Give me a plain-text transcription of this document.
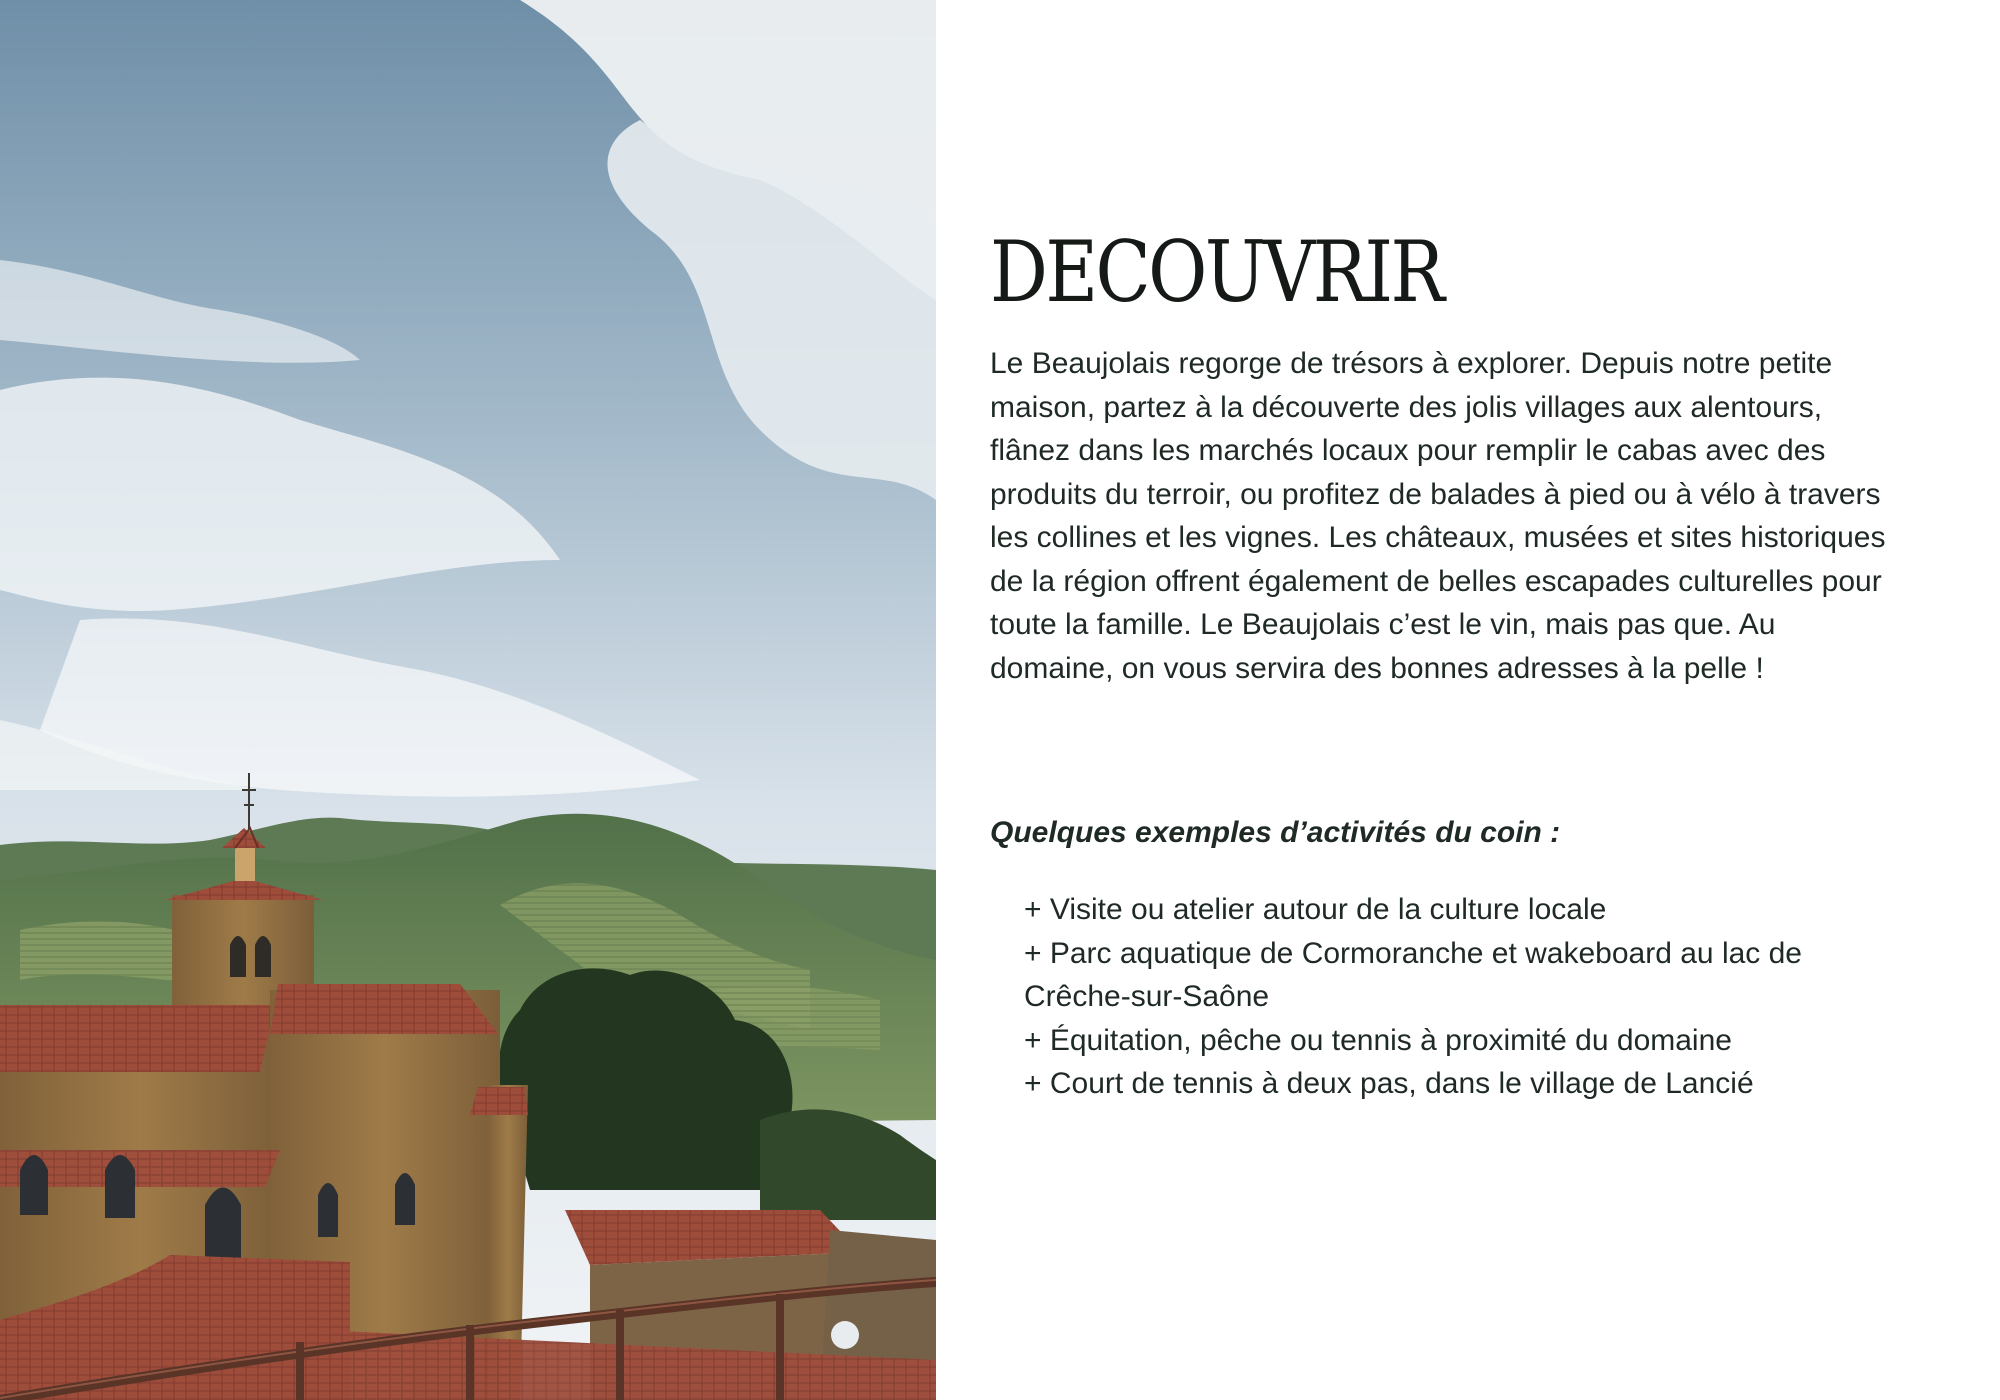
DECOUVRIR

Le Beaujolais regorge de trésors à explorer. Depuis notre petite maison, partez à la découverte des jolis villages aux alentours, flânez dans les marchés locaux pour remplir le cabas avec des produits du terroir, ou profitez de balades à pied ou à vélo à travers les collines et les vignes. Les châteaux, musées et sites historiques de la région offrent également de belles escapades culturelles pour toute la famille. Le Beaujolais c’est le vin, mais pas que. Au domaine, on vous servira des bonnes adresses à la pelle !

Quelques exemples d’activités du coin :
+ Visite ou atelier autour de la culture locale
+ Parc aquatique de Cormoranche et wakeboard au lac de Crêche-sur-Saône
+ Équitation, pêche ou tennis à proximité du domaine
+ Court de tennis à deux pas, dans le village de Lancié
